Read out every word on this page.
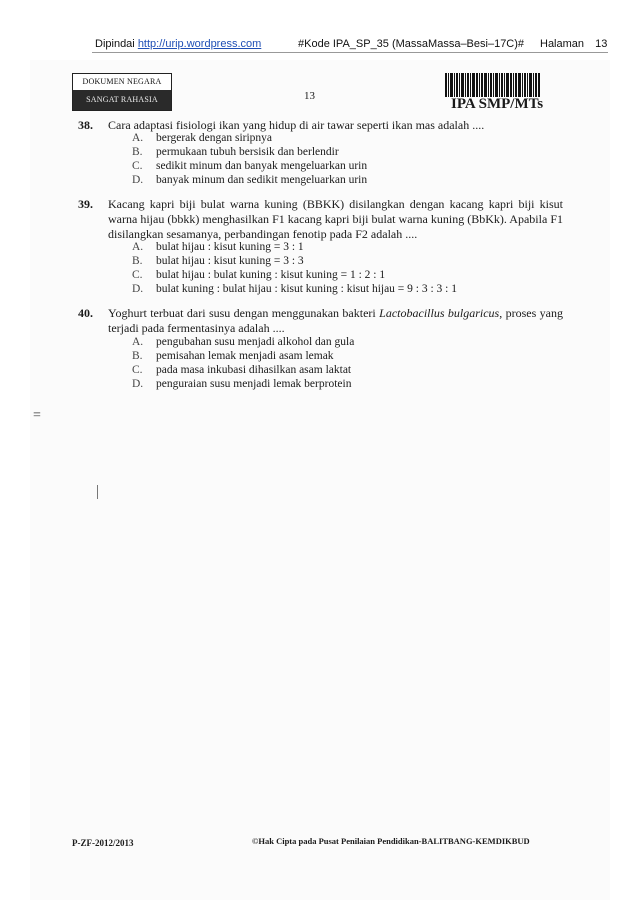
Dipindai http://urip.wordpress.com	#Kode IPA_SP_35 (MassaMassa–Besi–17C)# Halaman 13
DOKUMEN NEGARA
SANGAT RAHASIA	13	IPA SMP/MTs
38. Cara adaptasi fisiologi ikan yang hidup di air tawar seperti ikan mas adalah ....
A. bergerak dengan siripnya
B. permukaan tubuh bersisik dan berlendir
C. sedikit minum dan banyak mengeluarkan urin
D. banyak minum dan sedikit mengeluarkan urin
39. Kacang kapri biji bulat warna kuning (BBKK) disilangkan dengan kacang kapri biji kisut warna hijau (bbkk) menghasilkan F1 kacang kapri biji bulat warna kuning (BbKk). Apabila F1 disilangkan sesamanya, perbandingan fenotip pada F2 adalah ....
A. bulat hijau : kisut kuning = 3 : 1
B. bulat hijau : kisut kuning = 3 : 3
C. bulat hijau : bulat kuning : kisut kuning = 1 : 2 : 1
D. bulat kuning : bulat hijau : kisut kuning : kisut hijau = 9 : 3 : 3 : 1
40. Yoghurt terbuat dari susu dengan menggunakan bakteri Lactobacillus bulgaricus, proses yang terjadi pada fermentasinya adalah ....
A. pengubahan susu menjadi alkohol dan gula
B. pemisahan lemak menjadi asam lemak
C. pada masa inkubasi dihasilkan asam laktat
D. penguraian susu menjadi lemak berprotein
=
P-ZF-2012/2013	©Hak Cipta pada Pusat Penilaian Pendidikan-BALITBANG-KEMDIKBUD
